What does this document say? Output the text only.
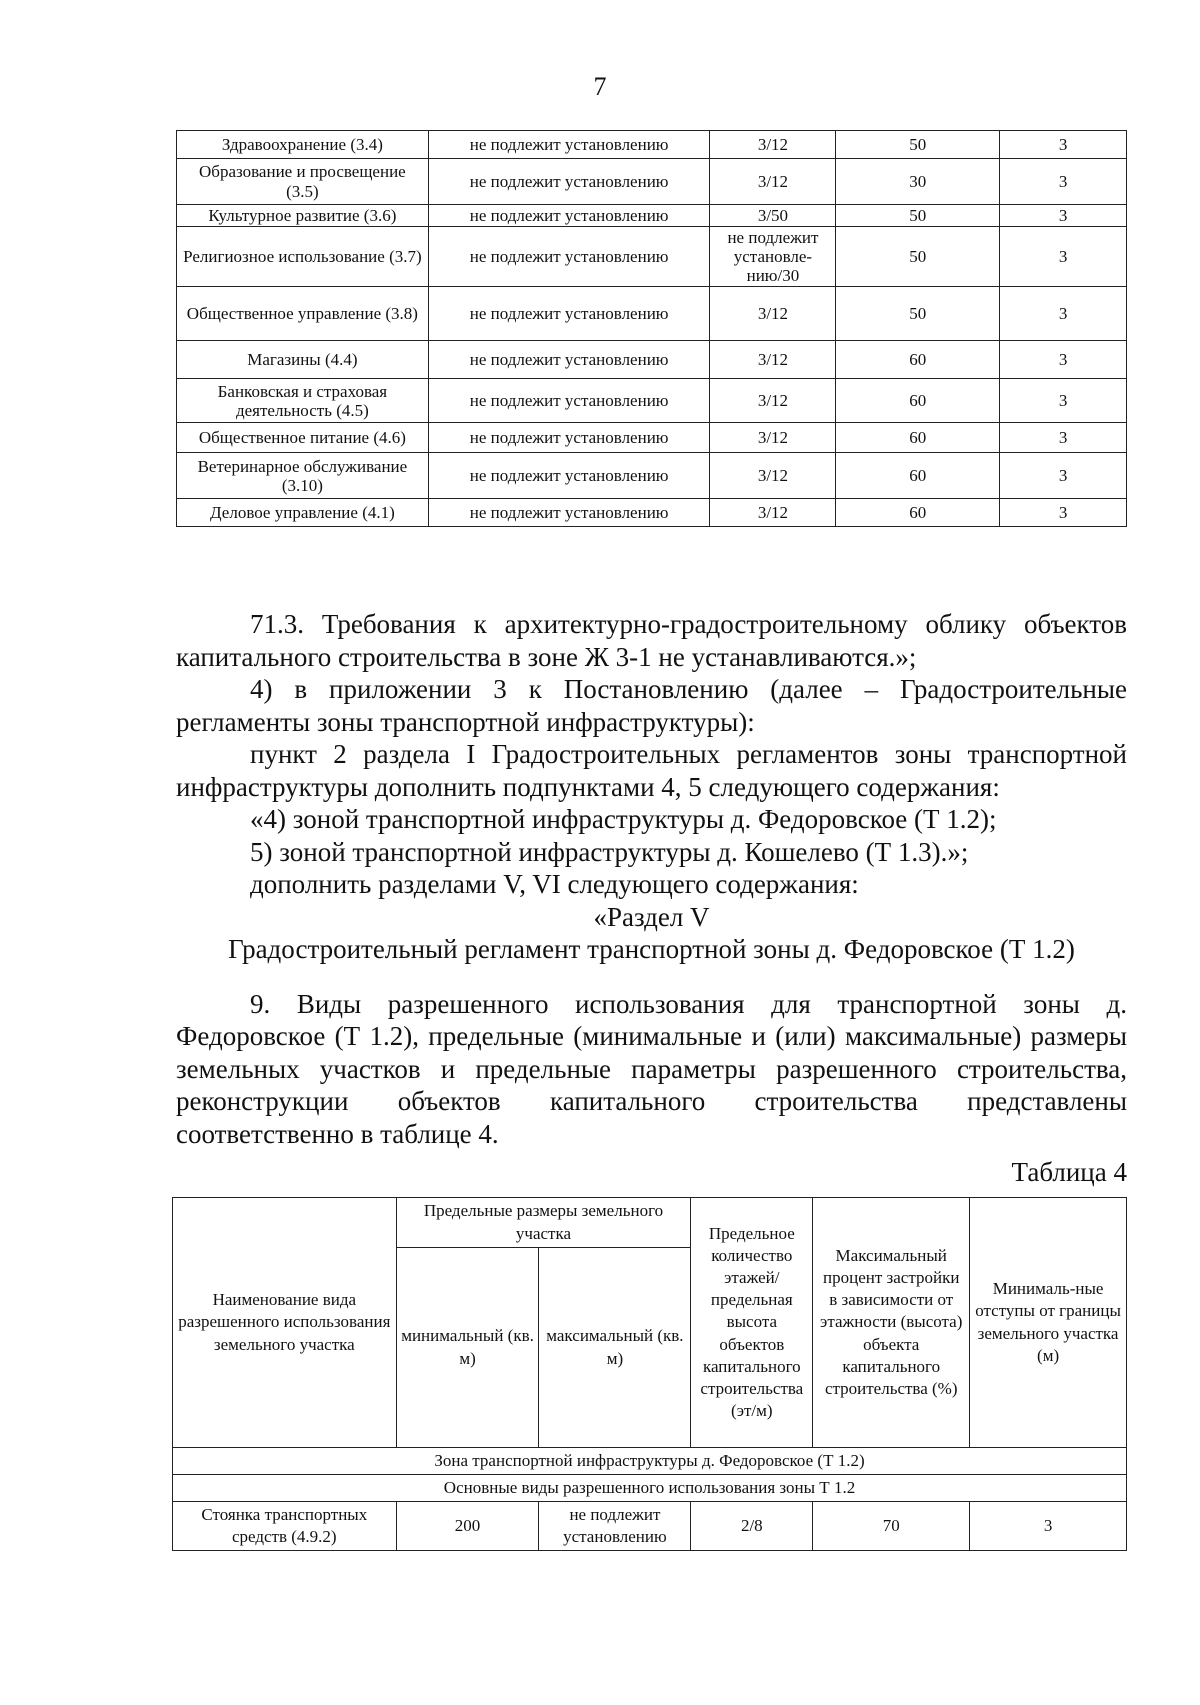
7
Здравоохранение (3.4)	не подлежит установлению	3/12	50	3
Образование и просвещение (3.5)	не подлежит установлению	3/12	30	3
Культурное развитие (3.6)	не подлежит установлению	3/50	50	3
Религиозное использование (3.7)	не подлежит установлению	не подлежит установле-нию/30	50	3
Общественное управление (3.8)	не подлежит установлению	3/12	50	3
Магазины (4.4)	не подлежит установлению	3/12	60	3
Банковская и страховая деятельность (4.5)	не подлежит установлению	3/12	60	3
Общественное питание (4.6)	не подлежит установлению	3/12	60	3
Ветеринарное обслуживание (3.10)	не подлежит установлению	3/12	60	3
Деловое управление (4.1)	не подлежит установлению	3/12	60	3

71.3. Требования к архитектурно-градостроительному облику объектов капитального строительства в зоне Ж 3-1 не устанавливаются.»;

4) в приложении 3 к Постановлению (далее – Градостроительные регламенты зоны транспортной инфраструктуры):

пункт 2 раздела I Градостроительных регламентов зоны транспортной инфраструктуры дополнить подпунктами 4, 5 следующего содержания:

«4) зоной транспортной инфраструктуры д. Федоровское (Т 1.2);

5) зоной транспортной инфраструктуры д. Кошелево (Т 1.3).»;

дополнить разделами V, VI следующего содержания:

«Раздел V

Градостроительный регламент транспортной зоны д. Федоровское (Т 1.2)

9. Виды разрешенного использования для транспортной зоны д. Федоровское (Т 1.2), предельные (минимальные и (или) максимальные) размеры земельных участков и предельные параметры разрешенного строительства, реконструкции объектов капитального строительства представлены соответственно в таблице 4.

Таблица 4

Наименование вида разрешенного использования земельного участка	Предельные размеры земельного участка		Предельное количество этажей/ предельная высота объектов капитального строительства (эт/м)	Максимальный процент застройки в зависимости от этажности (высота) объекта капитального строительства (%)	Минималь-ные отступы от границы земельного участка (м)
	минимальный (кв. м)	максимальный (кв. м)			
Зона транспортной инфраструктуры д. Федоровское (Т 1.2)					
Основные виды разрешенного использования зоны Т 1.2					
Стоянка транспортных средств (4.9.2)	200	не подлежит установлению	2/8	70	3
